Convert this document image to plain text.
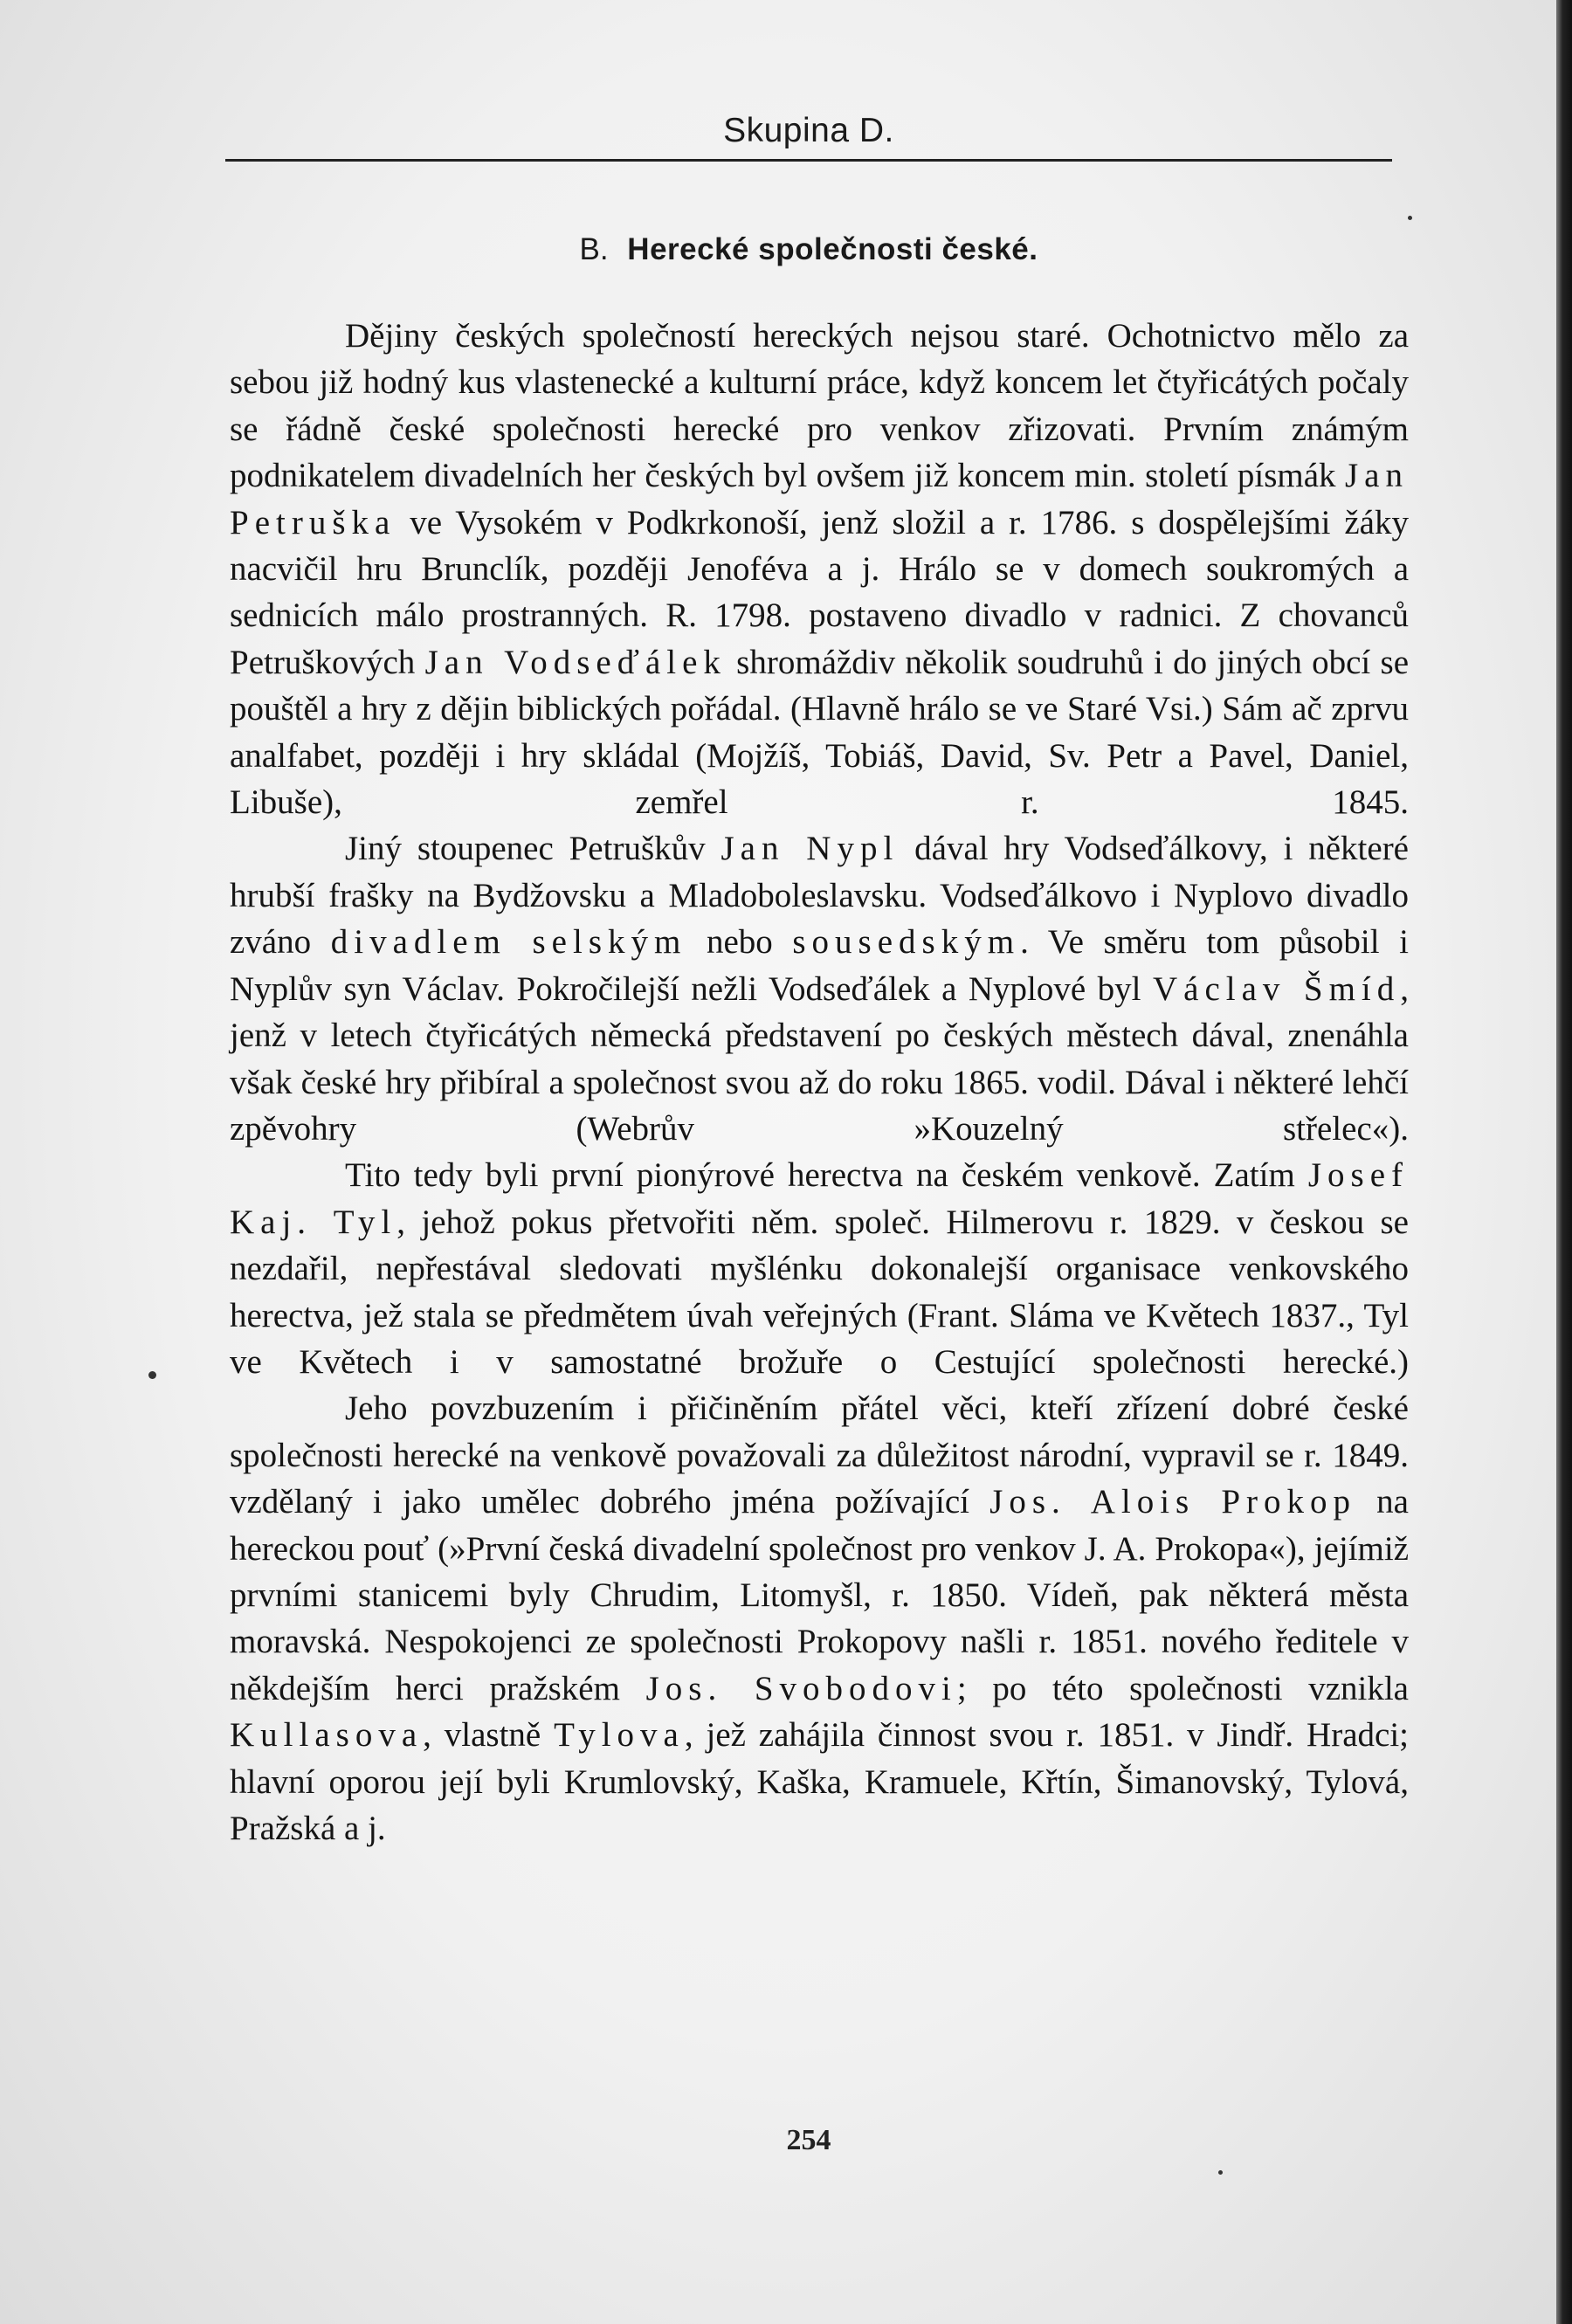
Skupina D.
B. Herecké společnosti české.

Dějiny českých společností hereckých nejsou staré. Ochotnictvo mělo za sebou již hodný kus vlastenecké a kulturní práce, když koncem let čtyřicátých počaly se řádně české společnosti herecké pro venkov zřizovati. Prvním známým podnikatelem divadelních her českých byl ovšem již koncem min. století písmák Jan Petruška ve Vysokém v Podkrkonoší, jenž složil a r. 1786. s dospělejšími žáky nacvičil hru Brunclík, později Jenoféva a j. Hrálo se v domech soukromých a sednicích málo prostranných. R. 1798. postaveno divadlo v radnici. Z chovanců Petruškových Jan Vodseďálek shromáždiv několik soudruhů i do jiných obcí se pouštěl a hry z dějin biblických pořádal. (Hlavně hrálo se ve Staré Vsi.) Sám ač zprvu analfabet, později i hry skládal (Mojžíš, Tobiáš, David, Sv. Petr a Pavel, Daniel, Libuše), zemřel r. 1845.

Jiný stoupenec Petruškův Jan Nypl dával hry Vodseďálkovy, i některé hrubší frašky na Bydžovsku a Mladoboleslavsku. Vodseďálkovo i Nyplovo divadlo zváno divadlem selským nebo sousedským. Ve směru tom působil i Nyplův syn Václav. Pokročilejší nežli Vodseďálek a Nyplové byl Václav Šmíd, jenž v letech čtyřicátých německá představení po českých městech dával, znenáhla však české hry přibíral a společnost svou až do roku 1865. vodil. Dával i některé lehčí zpěvohry (Webrův »Kouzelný střelec«).

Tito tedy byli první pionýrové herectva na českém venkově. Zatím Josef Kaj. Tyl, jehož pokus přetvořiti něm. společ. Hilmerovu r. 1829. v českou se nezdařil, nepřestával sledovati myšlénku dokonalejší organisace venkovského herectva, jež stala se předmětem úvah veřejných (Frant. Sláma ve Květech 1837., Tyl ve Květech i v samostatné brožuře o Cestující společnosti herecké.)

Jeho povzbuzením i přičiněním přátel věci, kteří zřízení dobré české společnosti herecké na venkově považovali za důležitost národní, vypravil se r. 1849. vzdělaný i jako umělec dobrého jména požívající Jos. Alois Prokop na hereckou pouť (»První česká divadelní společnost pro venkov J. A. Prokopa«), jejímiž prvními stanicemi byly Chrudim, Litomyšl, r. 1850. Vídeň, pak některá města moravská. Nespokojenci ze společnosti Prokopovy našli r. 1851. nového ředitele v někdejším herci pražském Jos. Svobodovi; po této společnosti vznikla Kullasova, vlastně Tylova, jež zahájila činnost svou r. 1851. v Jindř. Hradci; hlavní oporou její byli Krumlovský, Kaška, Kramuele, Křtín, Šimanovský, Tylová, Pražská a j.

254
